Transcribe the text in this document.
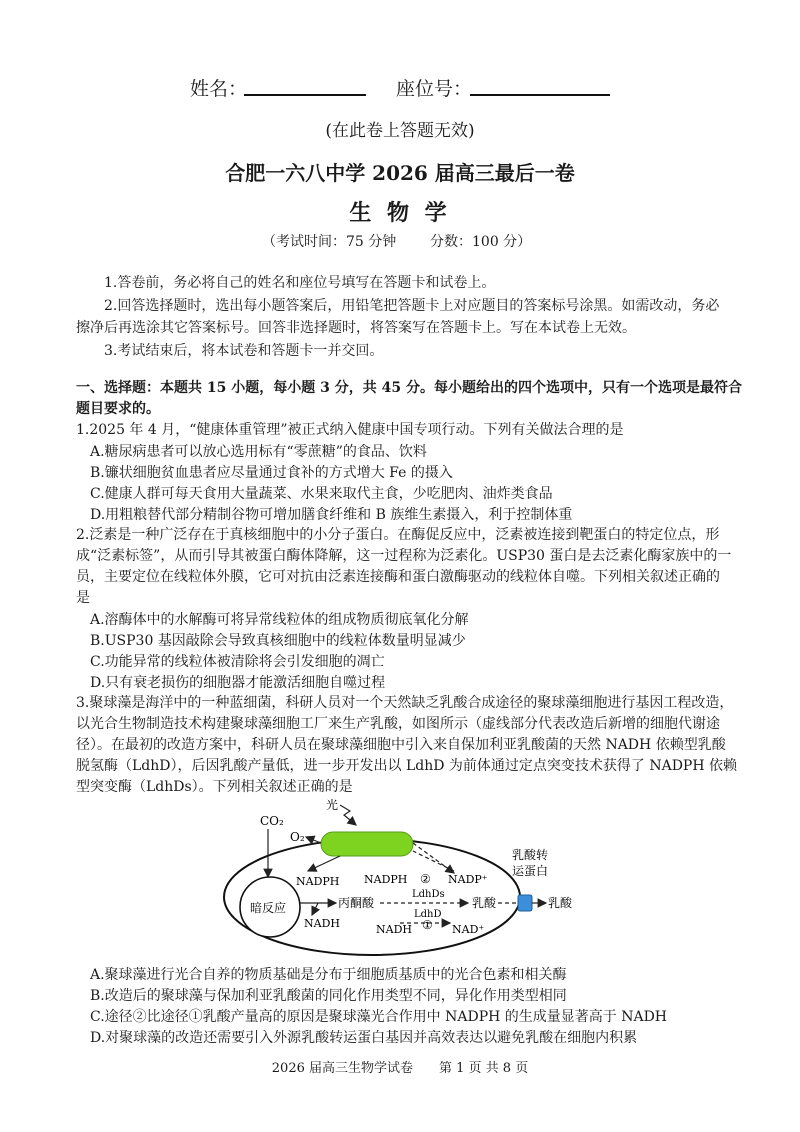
姓名：	座位号：
(在此卷上答题无效)
合肥一六八中学 2026 届高三最后一卷
生 物 学
（考试时间：75 分钟 分数：100 分）
1.答卷前，务必将自己的姓名和座位号填写在答题卡和试卷上。
2.回答选择题时，选出每小题答案后，用铅笔把答题卡上对应题目的答案标号涂黑。如需改动，务必
擦净后再选涂其它答案标号。回答非选择题时，将答案写在答题卡上。写在本试卷上无效。
3.考试结束后，将本试卷和答题卡一并交回。
一、选择题：本题共 15 小题，每小题 3 分，共 45 分。每小题给出的四个选项中，只有一个选项是最符合
题目要求的。
1.2025 年 4 月，“健康体重管理”被正式纳入健康中国专项行动。下列有关做法合理的是
A.糖尿病患者可以放心选用标有“零蔗糖”的食品、饮料
B.镰状细胞贫血患者应尽量通过食补的方式增大 Fe 的摄入
C.健康人群可每天食用大量蔬菜、水果来取代主食，少吃肥肉、油炸类食品
D.用粗粮替代部分精制谷物可增加膳食纤维和 B 族维生素摄入，利于控制体重
2.泛素是一种广泛存在于真核细胞中的小分子蛋白。在酶促反应中，泛素被连接到靶蛋白的特定位点，形
成“泛素标签”，从而引导其被蛋白酶体降解，这一过程称为泛素化。USP30 蛋白是去泛素化酶家族中的一
员，主要定位在线粒体外膜，它可对抗由泛素连接酶和蛋白激酶驱动的线粒体自噬。下列相关叙述正确的
是
A.溶酶体中的水解酶可将异常线粒体的组成物质彻底氧化分解
B.USP30 基因敲除会导致真核细胞中的线粒体数量明显减少
C.功能异常的线粒体被清除将会引发细胞的凋亡
D.只有衰老损伤的细胞器才能激活细胞自噬过程
3.聚球藻是海洋中的一种蓝细菌，科研人员对一个天然缺乏乳酸合成途径的聚球藻细胞进行基因工程改造，
以光合生物制造技术构建聚球藻细胞工厂来生产乳酸，如图所示（虚线部分代表改造后新增的细胞代谢途
径）。在最初的改造方案中，科研人员在聚球藻细胞中引入来自保加利亚乳酸菌的天然 NADH 依赖型乳酸
脱氢酶（LdhD），后因乳酸产量低，进一步开发出以 LdhD 为前体通过定点突变技术获得了 NADPH 依赖
型突变酶（LdhDs）。下列相关叙述正确的是
光
CO₂
O₂
NADPH
暗反应	丙酮酸
NADH
NADPH ② NADP⁺
LdhDs
LdhD
乳酸
NADH ① NAD⁺
乳酸转
运蛋白
乳酸
A.聚球藻进行光合自养的物质基础是分布于细胞质基质中的光合色素和相关酶
B.改造后的聚球藻与保加利亚乳酸菌的同化作用类型不同，异化作用类型相同
C.途径②比途径①乳酸产量高的原因是聚球藻光合作用中 NADPH 的生成量显著高于 NADH
D.对聚球藻的改造还需要引入外源乳酸转运蛋白基因并高效表达以避免乳酸在细胞内积累
2026 届高三生物学试卷　　第 1 页 共 8 页
